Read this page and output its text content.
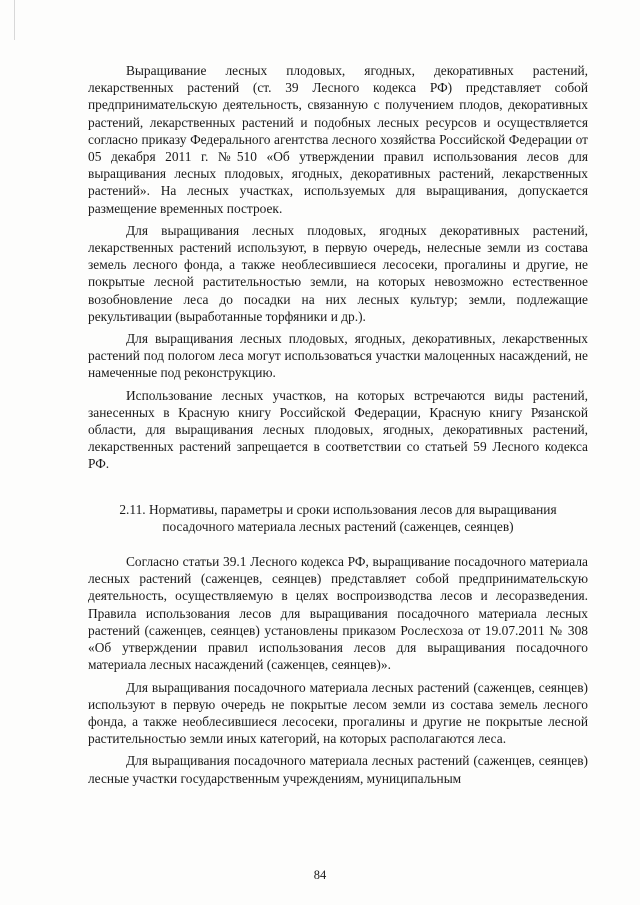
Выращивание лесных плодовых, ягодных, декоративных растений, лекарственных растений (ст. 39 Лесного кодекса РФ) представляет собой предпринимательскую деятельность, связанную с получением плодов, декоративных растений, лекарственных растений и подобных лесных ресурсов и осуществляется согласно приказу Федерального агентства лесного хозяйства Российской Федерации от 05 декабря 2011 г. №510 «Об утверждении правил использования лесов для выращивания лесных плодовых, ягодных, декоративных растений, лекарственных растений». На лесных участках, используемых для выращивания, допускается размещение временных построек.

Для выращивания лесных плодовых, ягодных декоративных растений, лекарственных растений используют, в первую очередь, нелесные земли из состава земель лесного фонда, а также необлесившиеся лесосеки, прогалины и другие, не покрытые лесной растительностью земли, на которых невозможно естественное возобновление леса до посадки на них лесных культур; земли, подлежащие рекультивации (выработанные торфяники и др.).

Для выращивания лесных плодовых, ягодных, декоративных, лекарственных растений под пологом леса могут использоваться участки малоценных насаждений, не намеченные под реконструкцию.

Использование лесных участков, на которых встречаются виды растений, занесенных в Красную книгу Российской Федерации, Красную книгу Рязанской области, для выращивания лесных плодовых, ягодных, декоративных растений, лекарственных растений запрещается в соответствии со статьей 59 Лесного кодекса РФ.

2.11. Нормативы, параметры и сроки использования лесов для выращивания посадочного материала лесных растений (саженцев, сеянцев)

Согласно статьи 39.1 Лесного кодекса РФ, выращивание посадочного материала лесных растений (саженцев, сеянцев) представляет собой предпринимательскую деятельность, осуществляемую в целях воспроизводства лесов и лесоразведения. Правила использования лесов для выращивания посадочного материала лесных растений (саженцев, сеянцев) установлены приказом Рослесхоза от 19.07.2011 № 308 «Об утверждении правил использования лесов для выращивания посадочного материала лесных насаждений (саженцев, сеянцев)».

Для выращивания посадочного материала лесных растений (саженцев, сеянцев) используют в первую очередь не покрытые лесом земли из состава земель лесного фонда, а также необлесившиеся лесосеки, прогалины и другие не покрытые лесной растительностью земли иных категорий, на которых располагаются леса.

Для выращивания посадочного материала лесных растений (саженцев, сеянцев) лесные участки государственным учреждениям, муниципальным

84
